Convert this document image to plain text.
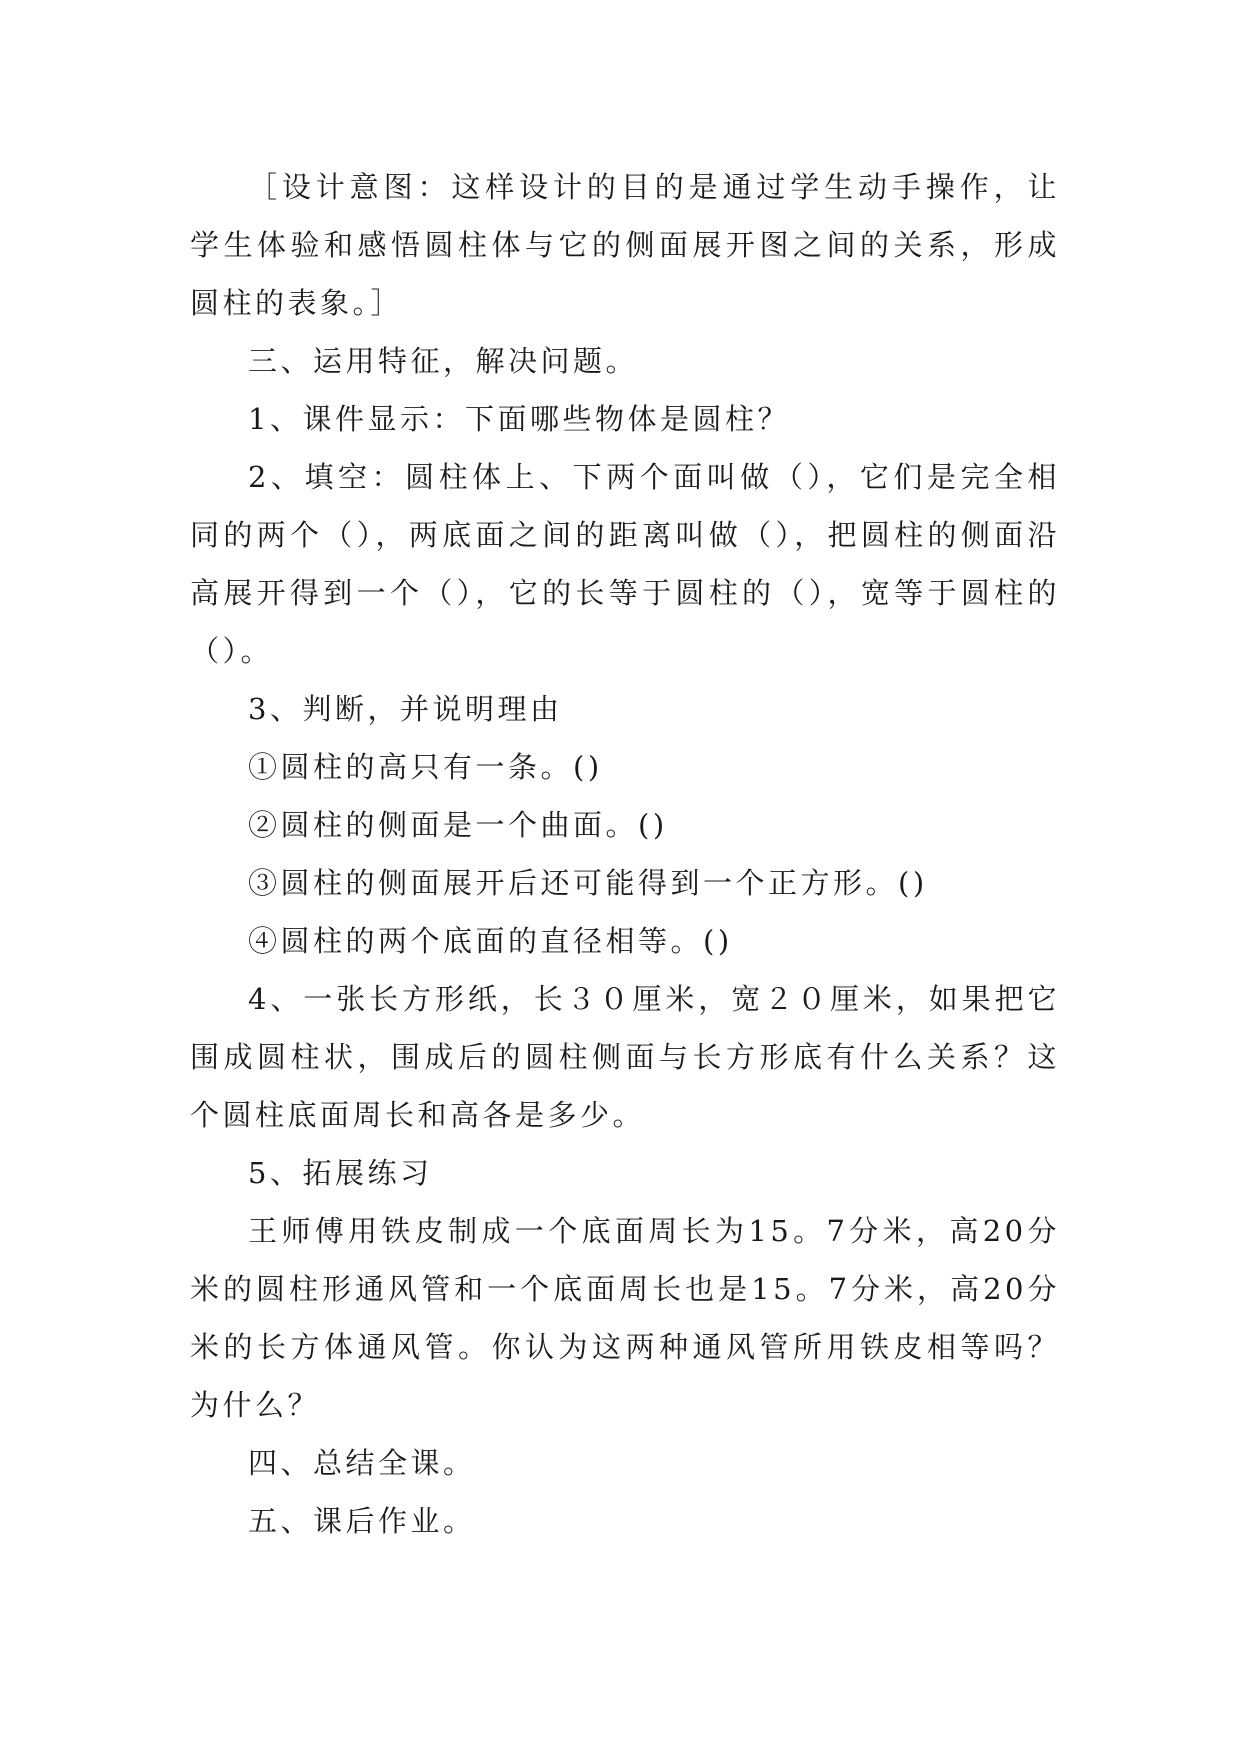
［设计意图：这样设计的目的是通过学生动手操作，让学生体验和感悟圆柱体与它的侧面展开图之间的关系，形成圆柱的表象。］

三、运用特征，解决问题。

1、课件显示：下面哪些物体是圆柱？

2、填空：圆柱体上、下两个面叫做（），它们是完全相同的两个（），两底面之间的距离叫做（），把圆柱的侧面沿高展开得到一个（），它的长等于圆柱的（），宽等于圆柱的（）。

3、判断，并说明理由

①圆柱的高只有一条。()

②圆柱的侧面是一个曲面。()

③圆柱的侧面展开后还可能得到一个正方形。()

④圆柱的两个底面的直径相等。()

4、一张长方形纸，长３０厘米，宽２０厘米，如果把它围成圆柱状，围成后的圆柱侧面与长方形底有什么关系？这个圆柱底面周长和高各是多少。

5、拓展练习

王师傅用铁皮制成一个底面周长为15。7分米，高20分米的圆柱形通风管和一个底面周长也是15。7分米，高20分米的长方体通风管。你认为这两种通风管所用铁皮相等吗？为什么？

四、总结全课。

五、课后作业。
